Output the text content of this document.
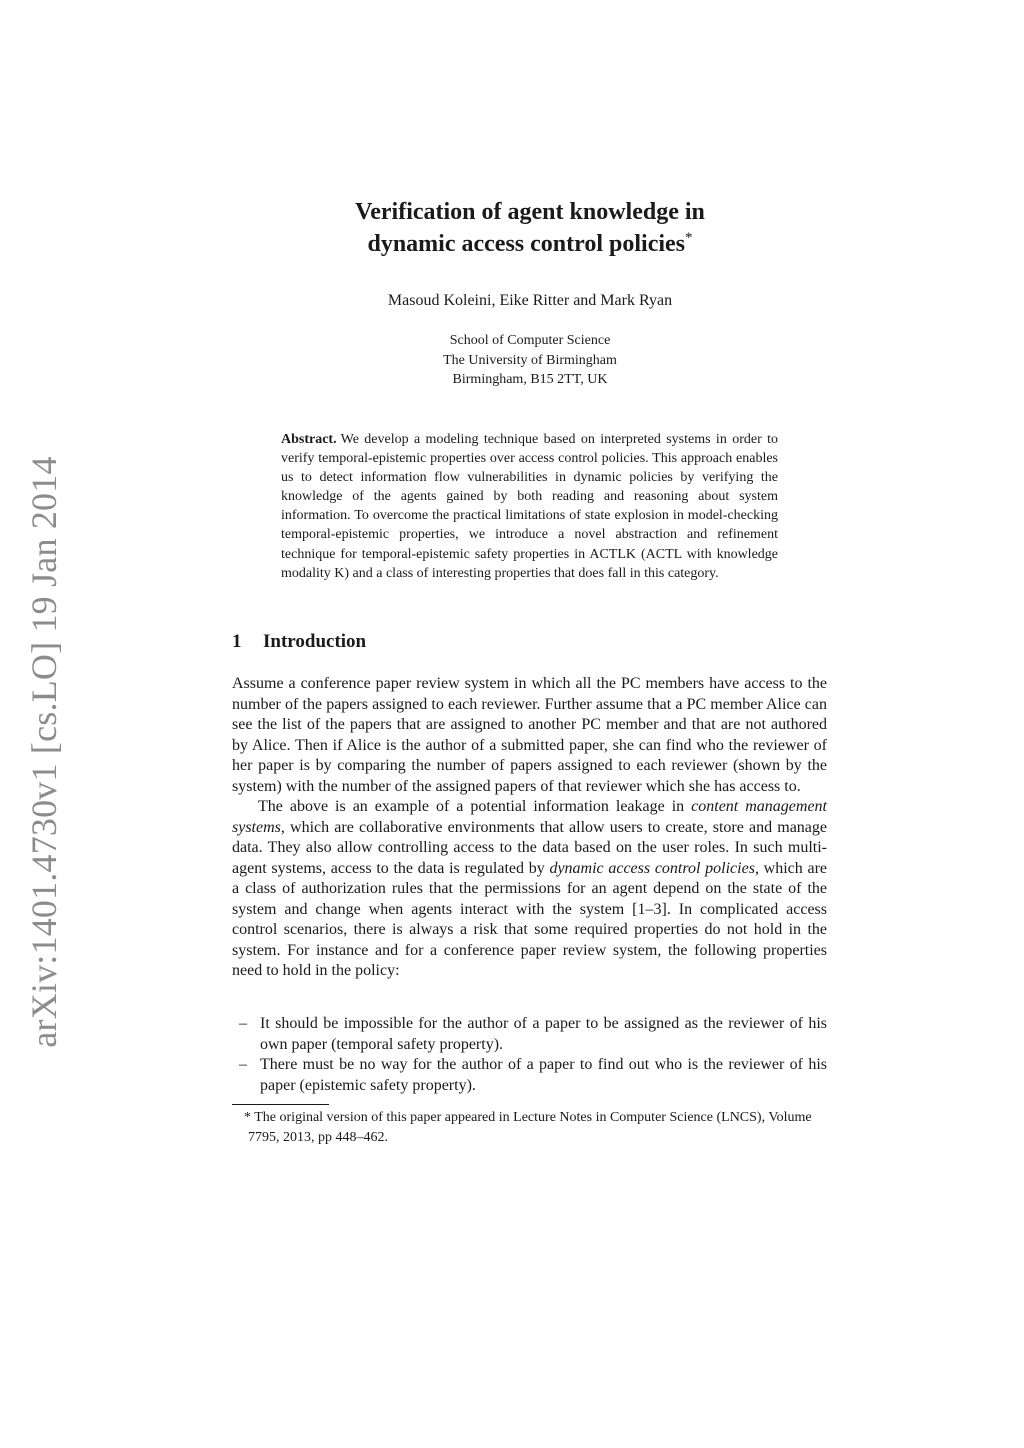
arXiv:1401.4730v1 [cs.LO] 19 Jan 2014
Verification of agent knowledge in
dynamic access control policies*
Masoud Koleini, Eike Ritter and Mark Ryan
School of Computer Science
The University of Birmingham
Birmingham, B15 2TT, UK
Abstract. We develop a modeling technique based on interpreted systems in order to verify temporal-epistemic properties over access control policies. This approach enables us to detect information flow vulnerabilities in dynamic policies by verifying the knowledge of the agents gained by both reading and reasoning about system information. To overcome the practical limitations of state explosion in model-checking temporal-epistemic properties, we introduce a novel abstraction and refinement technique for temporal-epistemic safety properties in ACTLK (ACTL with knowledge modality K) and a class of interesting properties that does fall in this category.
1 Introduction

Assume a conference paper review system in which all the PC members have access to the number of the papers assigned to each reviewer. Further assume that a PC member Alice can see the list of the papers that are assigned to another PC member and that are not authored by Alice. Then if Alice is the author of a submitted paper, she can find who the reviewer of her paper is by comparing the number of papers assigned to each reviewer (shown by the system) with the number of the assigned papers of that reviewer which she has access to.

The above is an example of a potential information leakage in content management systems, which are collaborative environments that allow users to create, store and manage data. They also allow controlling access to the data based on the user roles. In such multi-agent systems, access to the data is regulated by dynamic access control policies, which are a class of authorization rules that the permissions for an agent depend on the state of the system and change when agents interact with the system [1–3]. In complicated access control scenarios, there is always a risk that some required properties do not hold in the system. For instance and for a conference paper review system, the following properties need to hold in the policy:

– It should be impossible for the author of a paper to be assigned as the reviewer of his own paper (temporal safety property).
– There must be no way for the author of a paper to find out who is the reviewer of his paper (epistemic safety property).
* The original version of this paper appeared in Lecture Notes in Computer Science (LNCS), Volume 7795, 2013, pp 448–462.
